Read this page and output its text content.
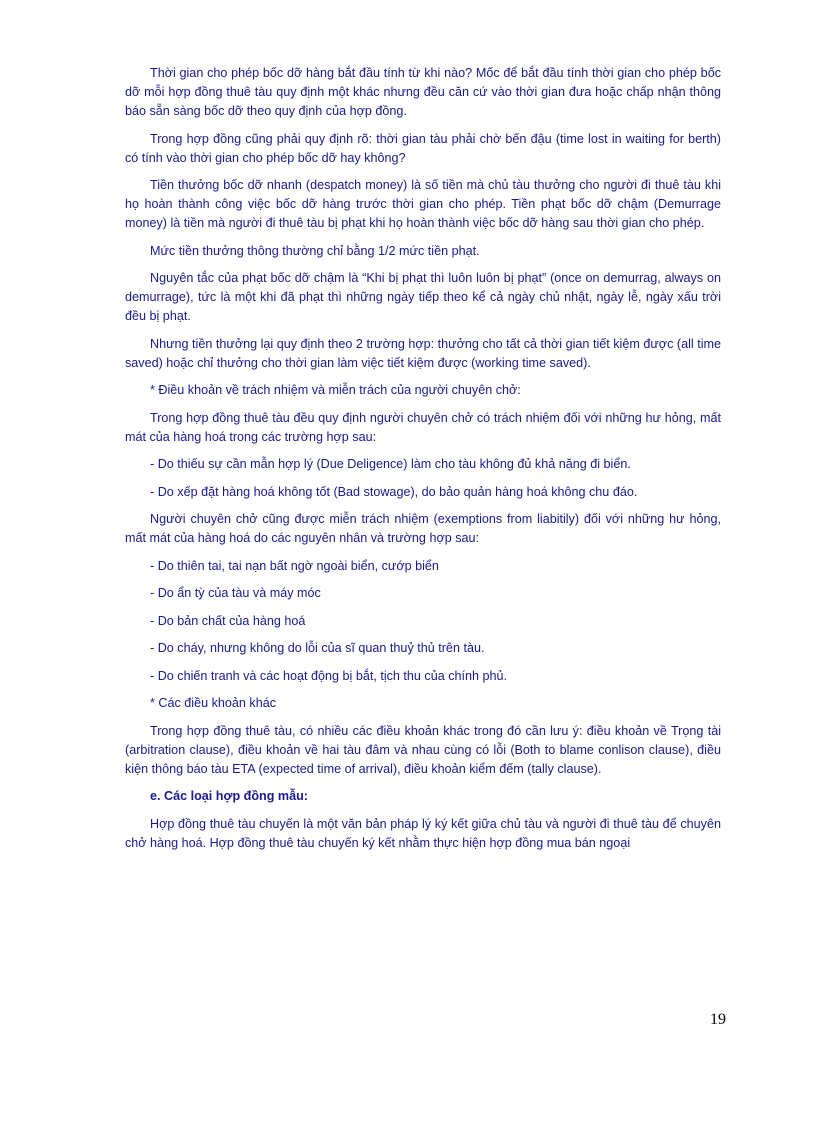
Thời gian cho phép bốc dỡ hàng bắt đầu tính từ khi nào? Mốc để bắt đầu tính thời gian cho phép bốc dỡ mỗi hợp đồng thuê tàu quy định một khác nhưng đều căn cứ vào thời gian đưa hoặc chấp nhận thông báo sẵn sàng bốc dỡ theo quy định của hợp đồng.

Trong hợp đồng cũng phải quy định rõ: thời gian tàu phải chờ bến đậu (time lost in waiting for berth) có tính vào thời gian cho phép bốc dỡ hay không?

Tiền thưởng bốc dỡ nhanh (despatch money) là số tiền mà chủ tàu thưởng cho người đi thuê tàu khi họ hoàn thành công việc bốc dỡ hàng trước thời gian cho phép. Tiền phạt bốc dỡ chậm (Demurrage money) là tiền mà người đi thuê tàu bị phạt khi họ hoàn thành việc bốc dỡ hàng sau thời gian cho phép.

Mức tiền thưởng thông thường chỉ bằng 1/2 mức tiền phạt.

Nguyên tắc của phạt bốc dỡ chậm là “Khi bị phạt thì luôn luôn bị phạt” (once on demurrag, always on demurrage), tức là một khi đã phạt thì những ngày tiếp theo kể cả ngày chủ nhật, ngày lễ, ngày xấu trời đều bị phạt.

Nhưng tiền thưởng lại quy định theo 2 trường hợp: thưởng cho tất cả thời gian tiết kiệm được (all time saved) hoặc chỉ thưởng cho thời gian làm việc tiết kiệm được (working time saved).

* Điều khoản về trách nhiệm và miễn trách của người chuyên chở:

Trong hợp đồng thuê tàu đều quy định người chuyên chở có trách nhiệm đối với những hư hỏng, mất mát của hàng hoá trong các trường hợp sau:

- Do thiếu sự cần mẫn hợp lý (Due Deligence) làm cho tàu không đủ khả năng đi biển.

- Do xếp đặt hàng hoá không tốt (Bad stowage), do bảo quản hàng hoá không chu đáo.

Người chuyên chở cũng được miễn trách nhiệm (exemptions from liabitily) đối với những hư hỏng, mất mát của hàng hoá do các nguyên nhân và trường hợp sau:

- Do thiên tai, tai nạn bất ngờ ngoài biển, cướp biển

- Do ẩn tỳ của tàu và máy móc

- Do bản chất của hàng hoá

- Do cháy, nhưng không do lỗi của sĩ quan thuỷ thủ trên tàu.

- Do chiến tranh và các hoạt động bị bắt, tịch thu của chính phủ.

* Các điều khoản khác

Trong hợp đồng thuê tàu, có nhiều các điều khoản khác trong đó cần lưu ý: điều khoản về Trọng tài (arbitration clause), điều khoản về hai tàu đâm và nhau cùng có lỗi (Both to blame conlison clause), điều kiện thông báo tàu ETA (expected time of arrival), điều khoản kiểm đếm (tally clause).

e. Các loại hợp đồng mẫu:

Hợp đồng thuê tàu chuyến là một văn bản pháp lý ký kết giữa chủ tàu và người đi thuê tàu để chuyên chở hàng hoá. Hợp đồng thuê tàu chuyến ký kết nhằm thực hiện hợp đồng mua bán ngoại

19
